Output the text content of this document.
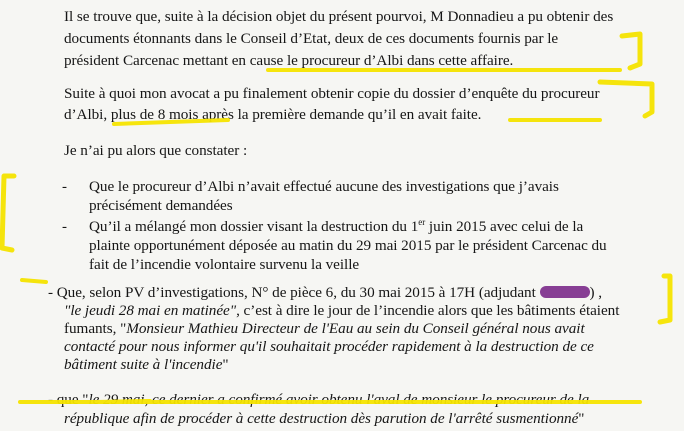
Il se trouve que, suite à la décision objet du présent pourvoi, M Donnadieu a pu obtenir des
documents étonnants dans le Conseil d’Etat, deux de ces documents fournis par le
président Carcenac mettant en cause le procureur d’Albi dans cette affaire.
Suite à quoi mon avocat a pu finalement obtenir copie du dossier d’enquête du procureur
d’Albi, plus de 8 mois après la première demande qu’il en avait faite.
Je n’ai pu alors que constater :
- Que le procureur d’Albi n’avait effectué aucune des investigations que j’avais
précisément demandées
- Qu’il a mélangé mon dossier visant la destruction du 1er juin 2015 avec celui de la
plainte opportunément déposée au matin du 29 mai 2015 par le président Carcenac du
fait de l’incendie volontaire survenu la veille
- Que, selon PV d’investigations, N° de pièce 6, du 30 mai 2015 à 17H (adjudant	) ,
"le jeudi 28 mai en matinée", c’est à dire le jour de l’incendie alors que les bâtiments étaient
fumants, "Monsieur Mathieu Directeur de l'Eau au sein du Conseil général nous avait
contacté pour nous informer qu'il souhaitait procéder rapidement à la destruction de ce
bâtiment suite à l'incendie"
- que "le 29 mai, ce dernier a confirmé avoir obtenu l'aval de monsieur le procureur de la
république afin de procéder à cette destruction dès parution de l'arrêté susmentionné"
